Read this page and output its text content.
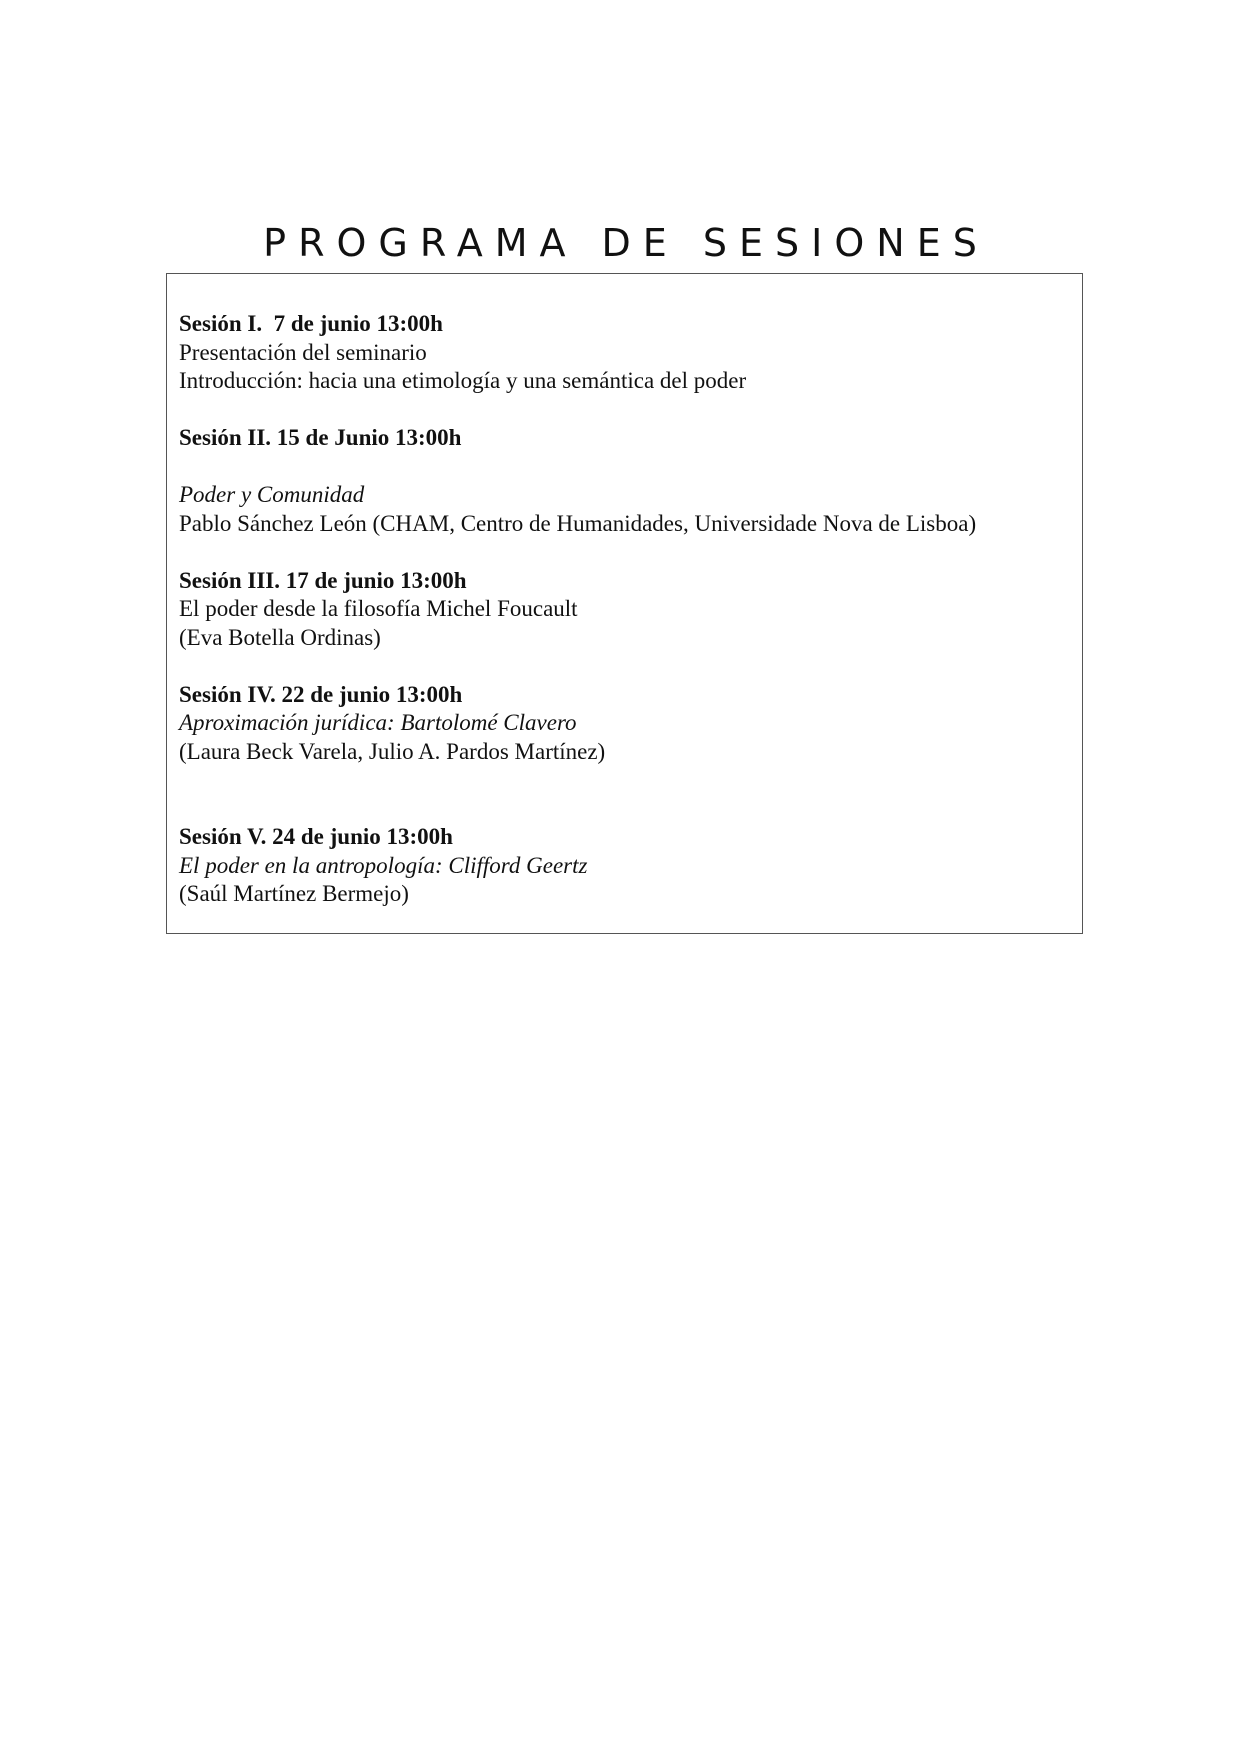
PROGRAMA DE SESIONES
Sesión I.  7 de junio 13:00h
Presentación del seminario
Introducción: hacia una etimología y una semántica del poder
Sesión II. 15 de Junio 13:00h
Poder y Comunidad
Pablo Sánchez León (CHAM, Centro de Humanidades, Universidade Nova de Lisboa)
Sesión III. 17 de junio 13:00h
El poder desde la filosofía Michel Foucault
(Eva Botella Ordinas)
Sesión IV. 22 de junio 13:00h
Aproximación jurídica: Bartolomé Clavero
(Laura Beck Varela, Julio A. Pardos Martínez)
Sesión V. 24 de junio 13:00h
El poder en la antropología: Clifford Geertz
(Saúl Martínez Bermejo)
